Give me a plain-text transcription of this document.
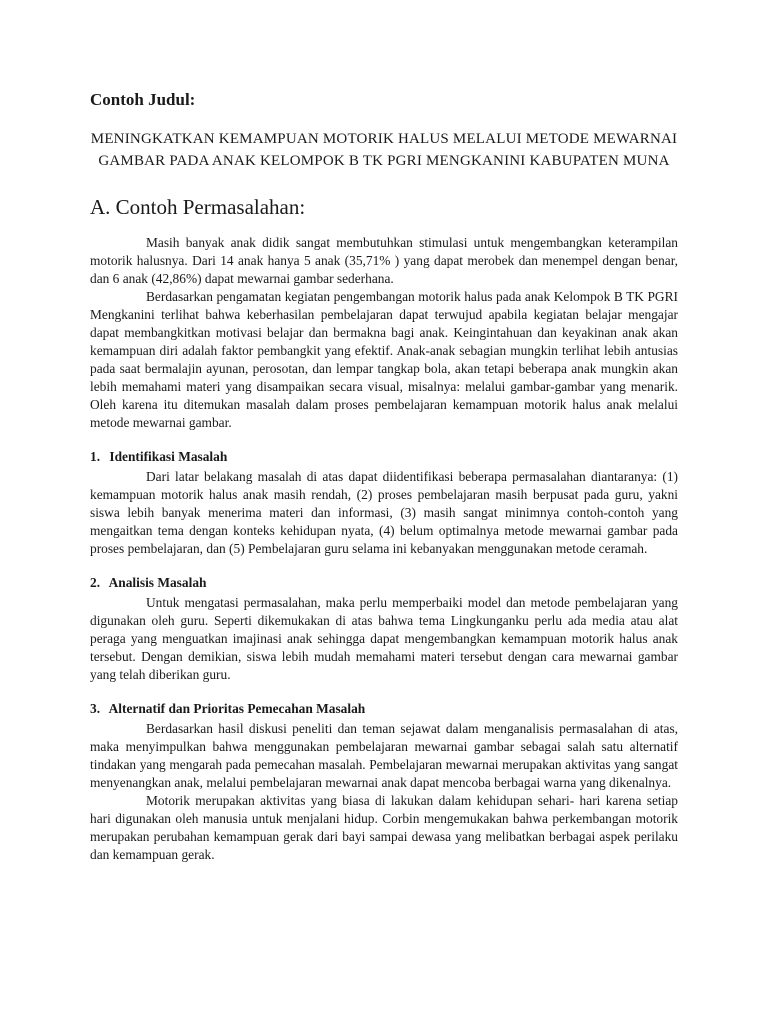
Contoh Judul:
MENINGKATKAN KEMAMPUAN MOTORIK HALUS MELALUI METODE MEWARNAI
GAMBAR PADA ANAK KELOMPOK B TK PGRI MENGKANINI KABUPATEN MUNA
A. Contoh Permasalahan:

Masih banyak anak didik sangat membutuhkan stimulasi untuk mengembangkan keterampilan motorik halusnya. Dari 14 anak hanya 5 anak (35,71% ) yang dapat merobek dan menempel dengan benar, dan 6 anak (42,86%) dapat mewarnai gambar sederhana.

Berdasarkan pengamatan kegiatan pengembangan motorik halus pada anak Kelompok B TK PGRI Mengkanini terlihat bahwa keberhasilan pembelajaran dapat terwujud apabila kegiatan belajar mengajar dapat membangkitkan motivasi belajar dan bermakna bagi anak. Keingintahuan dan keyakinan anak akan kemampuan diri adalah faktor pembangkit yang efektif. Anak-anak sebagian mungkin terlihat lebih antusias pada saat bermalajin ayunan, perosotan, dan lempar tangkap bola, akan tetapi beberapa anak mungkin akan lebih memahami materi yang disampaikan secara visual, misalnya: melalui gambar-gambar yang menarik. Oleh karena itu ditemukan masalah dalam proses pembelajaran kemampuan motorik halus anak melalui metode mewarnai gambar.

1. Identifikasi Masalah

Dari latar belakang masalah di atas dapat diidentifikasi beberapa permasalahan diantaranya: (1) kemampuan motorik halus anak masih rendah, (2) proses pembelajaran masih berpusat pada guru, yakni siswa lebih banyak menerima materi dan informasi, (3) masih sangat minimnya contoh-contoh yang mengaitkan tema dengan konteks kehidupan nyata, (4) belum optimalnya metode mewarnai gambar pada proses pembelajaran, dan (5) Pembelajaran guru selama ini kebanyakan menggunakan metode ceramah.

2. Analisis Masalah

Untuk mengatasi permasalahan, maka perlu memperbaiki model dan metode pembelajaran yang digunakan oleh guru. Seperti dikemukakan di atas bahwa tema Lingkunganku perlu ada media atau alat peraga yang menguatkan imajinasi anak sehingga dapat mengembangkan kemampuan motorik halus anak tersebut. Dengan demikian, siswa lebih mudah memahami materi tersebut dengan cara mewarnai gambar yang telah diberikan guru.

3. Alternatif dan Prioritas Pemecahan Masalah

Berdasarkan hasil diskusi peneliti dan teman sejawat dalam menganalisis permasalahan di atas, maka menyimpulkan bahwa menggunakan pembelajaran mewarnai gambar sebagai salah satu alternatif tindakan yang mengarah pada pemecahan masalah. Pembelajaran mewarnai merupakan aktivitas yang sangat menyenangkan anak, melalui pembelajaran mewarnai anak dapat mencoba berbagai warna yang dikenalnya.

Motorik merupakan aktivitas yang biasa di lakukan dalam kehidupan sehari- hari karena setiap hari digunakan oleh manusia untuk menjalani hidup. Corbin mengemukakan bahwa perkembangan motorik merupakan perubahan kemampuan gerak dari bayi sampai dewasa yang melibatkan berbagai aspek perilaku dan kemampuan gerak.
